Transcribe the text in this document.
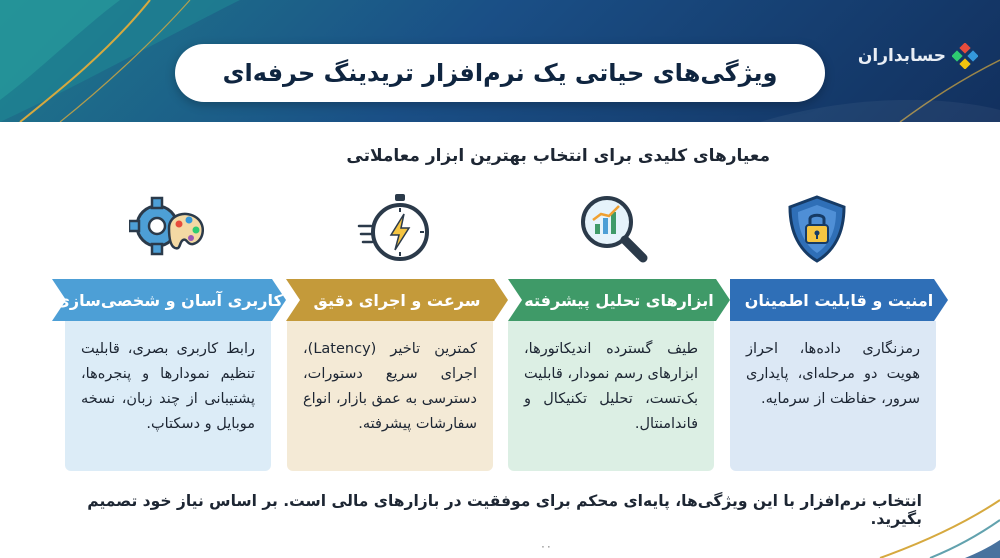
ویژگی‌های حیاتی یک نرم‌افزار تریدینگ حرفه‌ای
حسابداران
معیارهای کلیدی برای انتخاب بهترین ابزار معاملاتی
امنیت و قابلیت اطمینان
ابزارهای تحلیل پیشرفته
سرعت و اجرای دقیق
کاربری آسان و شخصی‌سازی
رمزنگاری داده‌ها، احراز هویت دو مرحله‌ای، پایداری سرور، حفاظت از سرمایه.
طیف گسترده اندیکاتورها، ابزارهای رسم نمودار، قابلیت بک‌تست، تحلیل تکنیکال و فاندامنتال.
کمترین تاخیر (Latency)، اجرای سریع دستورات، دسترسی به عمق بازار، انواع سفارشات پیشرفته.
رابط کاربری بصری، قابلیت تنظیم نمودارها و پنجره‌ها، پشتیبانی از چند زبان، نسخه موبایل و دسکتاپ.
انتخاب نرم‌افزار با این ویژگی‌ها، پایه‌ای محکم برای موفقیت در بازارهای مالی است. بر اساس نیاز خود تصمیم بگیرید.
۰۰
